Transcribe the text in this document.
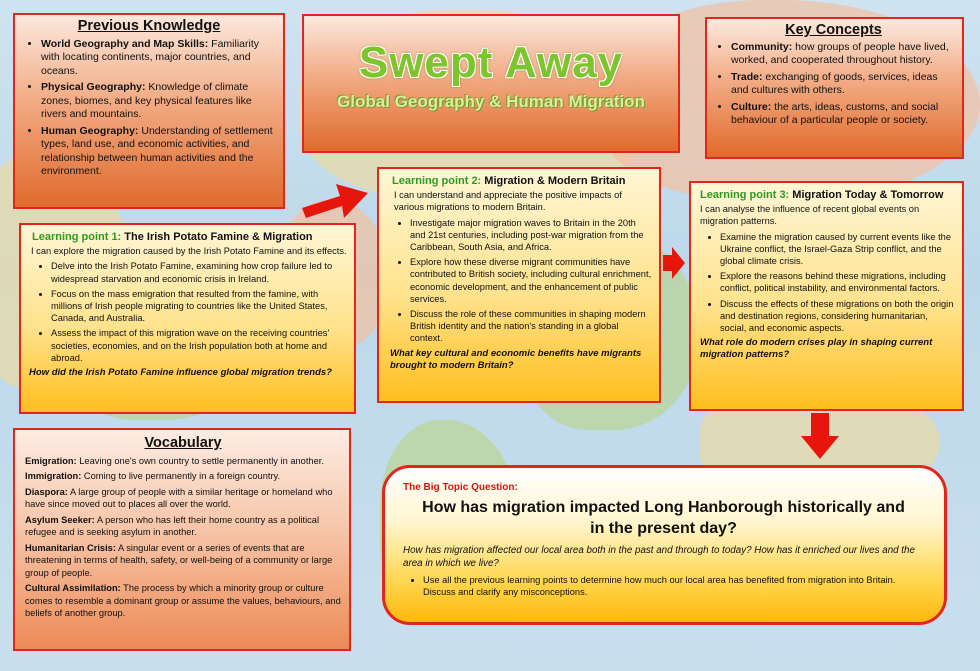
Previous Knowledge
• World Geography and Map Skills: Familiarity with locating continents, major countries, and oceans.
• Physical Geography: Knowledge of climate zones, biomes, and key physical features like rivers and mountains.
• Human Geography: Understanding of settlement types, land use, and economic activities, and relationship between human activities and the environment.
Swept Away
Global Geography & Human Migration
Key Concepts
• Community: how groups of people have lived, worked, and cooperated throughout history.
• Trade: exchanging of goods, services, ideas and cultures with others.
• Culture: the arts, ideas, customs, and social behaviour of a particular people or society.
Learning point 1: The Irish Potato Famine & Migration
I can explore the migration caused by the Irish Potato Famine and its effects.
• Delve into the Irish Potato Famine, examining how crop failure led to widespread starvation and economic crisis in Ireland.
• Focus on the mass emigration that resulted from the famine, with millions of Irish people migrating to countries like the United States, Canada, and Australia.
• Assess the impact of this migration wave on the receiving countries' societies, economies, and on the Irish population both at home and abroad.
How did the Irish Potato Famine influence global migration trends?
Learning point 2: Migration & Modern Britain
I can understand and appreciate the positive impacts of various migrations to modern Britain.
• Investigate major migration waves to Britain in the 20th and 21st centuries, including post-war migration from the Caribbean, South Asia, and Africa.
• Explore how these diverse migrant communities have contributed to British society, including cultural enrichment, economic development, and the enhancement of public services.
• Discuss the role of these communities in shaping modern British identity and the nation's standing in a global context.
What key cultural and economic benefits have migrants brought to modern Britain?
Learning point 3: Migration Today & Tomorrow
I can analyse the influence of recent global events on migration patterns.
• Examine the migration caused by current events like the Ukraine conflict, the Israel-Gaza Strip conflict, and the global climate crisis.
• Explore the reasons behind these migrations, including conflict, political instability, and environmental factors.
• Discuss the effects of these migrations on both the origin and destination regions, considering humanitarian, social, and economic aspects.
What role do modern crises play in shaping current migration patterns?
Vocabulary
Emigration: Leaving one's own country to settle permanently in another.
Immigration: Coming to live permanently in a foreign country.
Diaspora: A large group of people with a similar heritage or homeland who have since moved out to places all over the world.
Asylum Seeker: A person who has left their home country as a political refugee and is seeking asylum in another.
Humanitarian Crisis: A singular event or a series of events that are threatening in terms of health, safety, or well-being of a community or large group of people.
Cultural Assimilation: The process by which a minority group or culture comes to resemble a dominant group or assume the values, behaviours, and beliefs of another group.
The Big Topic Question:
How has migration impacted Long Hanborough historically and in the present day?
How has migration affected our local area both in the past and through to today? How has it enriched our lives and the area in which we live?
• Use all the previous learning points to determine how much our local area has benefited from migration into Britain. Discuss and clarify any misconceptions.
